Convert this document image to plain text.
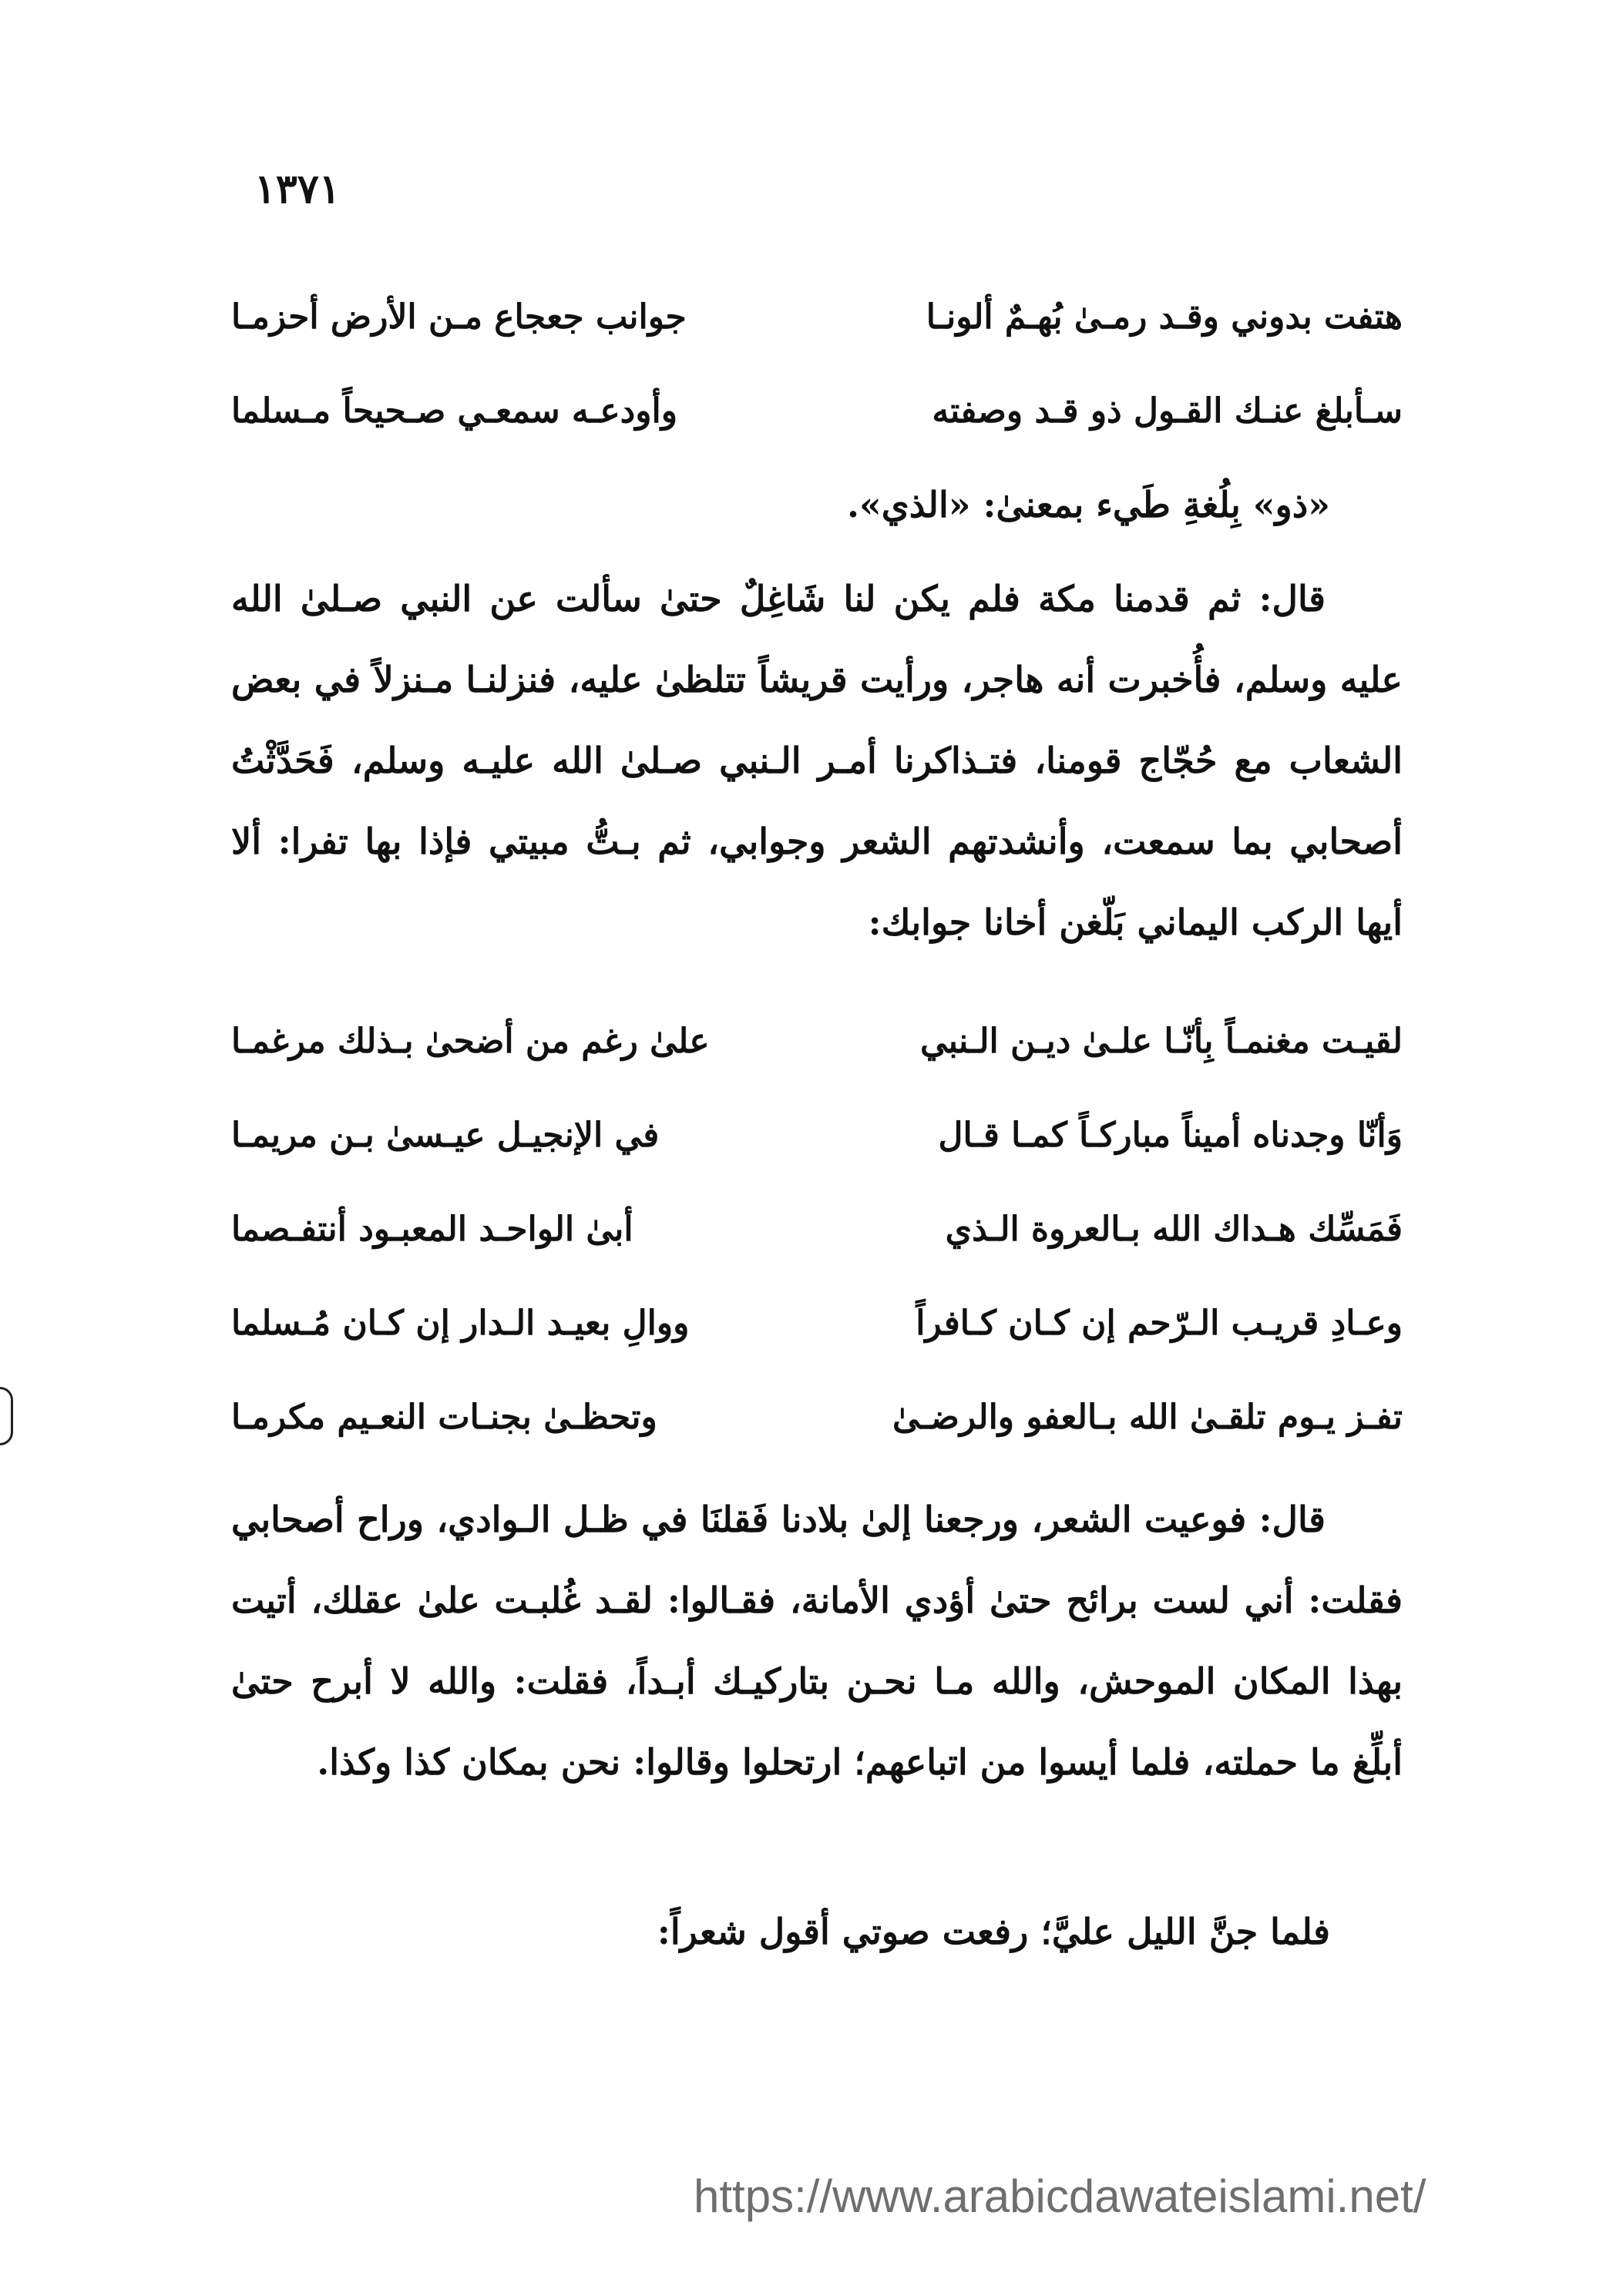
١٣٧١
هتفت بدوني وقـد رمـىٰ بُهـمٌ ألونـا
جوانب جعجاع مـن الأرض أحزمـا
سـأبلغ عنـك القـول ذو قـد وصفته
وأودعـه سمعـي صـحيحاً مـسلما
«ذو» بِلُغةِ طَيء بمعنىٰ: «الذي».

قال: ثم قدمنا مكة فلم يكن لنا شَاغِلٌ حتىٰ سألت عن النبي صـلىٰ الله عليه وسلم، فأُخبرت أنه هاجر، ورأيت قريشاً تتلظىٰ عليه، فنزلنـا مـنزلاً في بعض الشعاب مع حُجّاج قومنا، فتـذاكرنا أمـر الـنبي صـلىٰ الله عليـه وسلم، فَحَدَّثْتُ أصحابي بما سمعت، وأنشدتهم الشعر وجوابي، ثم بـتُّ مبيتي فإذا بها تفرا: ألا أيها الركب اليماني بَلّغن أخانا جوابك:

لقيـت مغنمـاً بِأنّـا علـىٰ ديـن الـنبي
علىٰ رغم من أضحىٰ بـذلك مرغمـا
وَأنّا وجدناه أميناً مباركـاً كمـا قـال
في الإنجيـل عيـسىٰ بـن مريمـا
فَمَسِّك هـداك الله بـالعروة الـذي
أبىٰ الواحـد المعبـود أنتفـصما
وعـادِ قريـب الـرّحم إن كـان كـافراً
ووالِ بعيـد الـدار إن كـان مُـسلما
تفـز يـوم تلقـىٰ الله بـالعفو والرضـىٰ
وتحظـىٰ بجنـات النعـيم مكرمـا

قال: فوعيت الشعر، ورجعنا إلىٰ بلادنا فَقلنَا في ظـل الـوادي، وراح أصحابي فقلت: أني لست برائح حتىٰ أؤدي الأمانة، فقـالوا: لقـد غُلبـت علىٰ عقلك، أتيت بهذا المكان الموحش، والله مـا نحـن بتاركيـك أبـداً، فقلت: والله لا أبرح حتىٰ أبلِّغ ما حملته، فلما أيسوا من اتباعهم؛ ارتحلوا وقالوا: نحن بمكان كذا وكذا.

فلما جنَّ الليل عليَّ؛ رفعت صوتي أقول شعراً:
https://www.arabicdawateislami.net/
